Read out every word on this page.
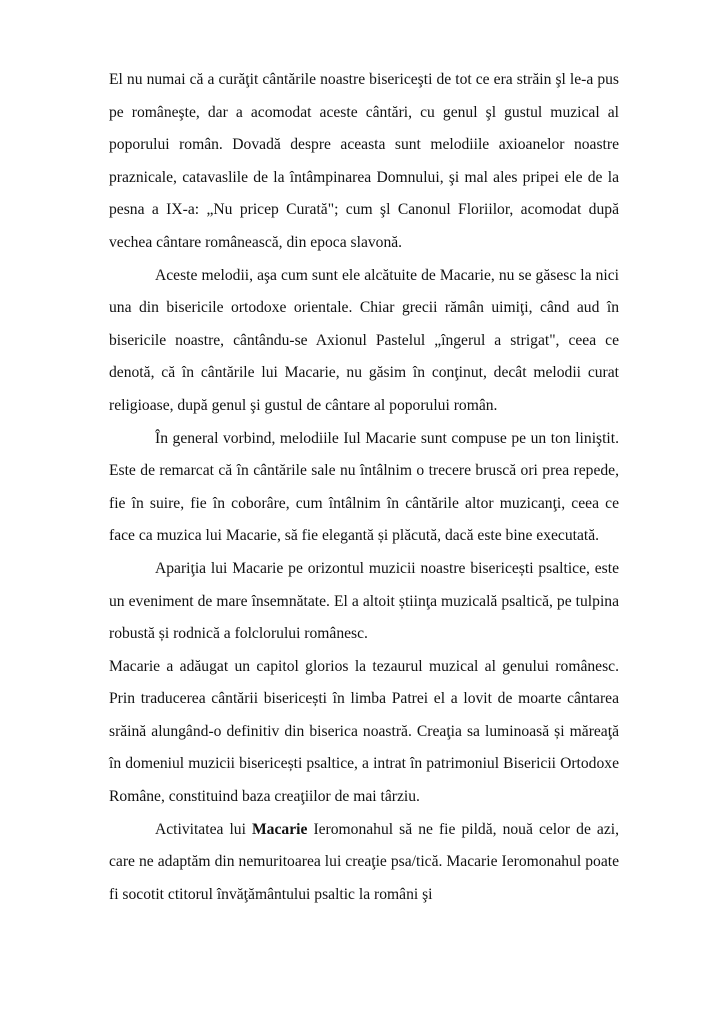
El nu numai că a curăţit cântările noastre bisericeşti de tot ce era străin şl le-a pus pe româneşte, dar a acomodat aceste cântări, cu genul şl gustul muzical al poporului român. Dovadă despre aceasta sunt melodiile axioanelor noastre praznicale, catavaslile de la întâmpinarea Domnului, şi mal ales pripei ele de la pesna a IX-a: „Nu pricep Curată"; cum şl Canonul Floriilor, acomodat după vechea cântare românească, din epoca slavonă.

Aceste melodii, aşa cum sunt ele alcătuite de Macarie, nu se găsesc la nici una din bisericile ortodoxe orientale. Chiar grecii rămân uimiţi, când aud în bisericile noastre, cântându-se Axionul Pastelul „îngerul a strigat", ceea ce denotă, că în cântările lui Macarie, nu găsim în conţinut, decât melodii curat religioase, după genul şi gustul de cântare al poporului român.

În general vorbind, melodiile Iul Macarie sunt compuse pe un ton liniştit. Este de remarcat că în cântările sale nu întâlnim o trecere bruscă ori prea repede, fie în suire, fie în coborâre, cum întâlnim în cântările altor muzicanţi, ceea ce face ca muzica lui Macarie, să fie elegantă și plăcută, dacă este bine executată.

Apariţia lui Macarie pe orizontul muzicii noastre bisericești psaltice, este un eveniment de mare însemnătate. El a altoit știinţa muzicală psaltică, pe tulpina robustă și rodnică a folclorului românesc.

Macarie a adăugat un capitol glorios la tezaurul muzical al genului românesc. Prin traducerea cântării bisericești în limba Patrei el a lovit de moarte cântarea srăină alungând-o definitiv din biserica noastră. Creaţia sa luminoasă și măreaţă în domeniul muzicii bisericești psaltice, a intrat în patrimoniul Bisericii Ortodoxe Române, constituind baza creaţiilor de mai târziu.

Activitatea lui Macarie Ieromonahul să ne fie pildă, nouă celor de azi, care ne adaptăm din nemuritoarea lui creaţie psa/tică. Macarie Ieromonahul poate fi socotit ctitorul învăţământului psaltic la români şi
